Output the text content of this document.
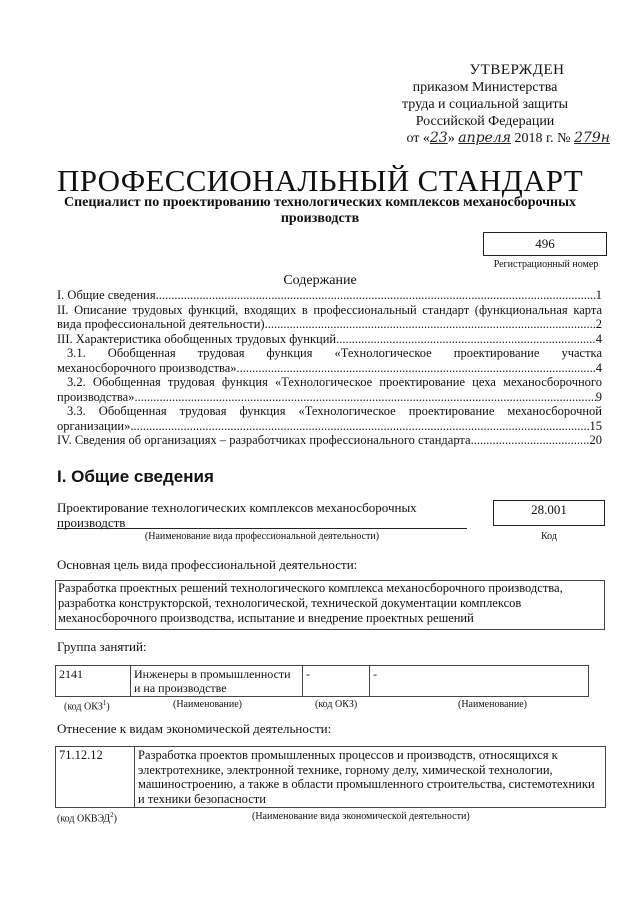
УТВЕРЖДЕН
приказом Министерства
труда и социальной защиты
Российской Федерации
от «23» апреля 2018 г. № 279н
ПРОФЕССИОНАЛЬНЫЙ СТАНДАРТ
Специалист по проектированию технологических комплексов механосборочных производств
496
Регистрационный номер
Содержание
I. Общие сведения .....	1
II. Описание трудовых функций, входящих в профессиональный стандарт (функциональная карта
вида профессиональной деятельности) .....	2
III. Характеристика обобщенных трудовых функций .....	4
3.1. Обобщенная трудовая функция «Технологическое проектирование участка
механосборочного производства» .....	4
3.2. Обобщенная трудовая функция «Технологическое проектирование цеха механосборочного
производства» .....	9
3.3. Обобщенная трудовая функция «Технологическое проектирование механосборочной
организации» .....	15
IV. Сведения об организациях – разработчиках профессионального стандарта .....	20
I. Общие сведения
Проектирование технологических комплексов механосборочных производств
(Наименование вида профессиональной деятельности)
28.001
Код
Основная цель вида профессиональной деятельности:
Разработка проектных решений технологического комплекса механосборочного производства, разработка конструкторской, технологической, технической документации комплексов механосборочного производства, испытание и внедрение проектных решений
Группа занятий:
2141	Инженеры в промышленности и на производстве	-	-
(код ОКЗ$^1$)	(Наименование)	(код ОКЗ)	(Наименование)
Отнесение к видам экономической деятельности:
71.12.12	Разработка проектов промышленных процессов и производств, относящихся к электротехнике, электронной технике, горному делу, химической технологии, машиностроению, а также в области промышленного строительства, системотехники и техники безопасности
(код ОКВЭД$^2$)	(Наименование вида экономической деятельности)
